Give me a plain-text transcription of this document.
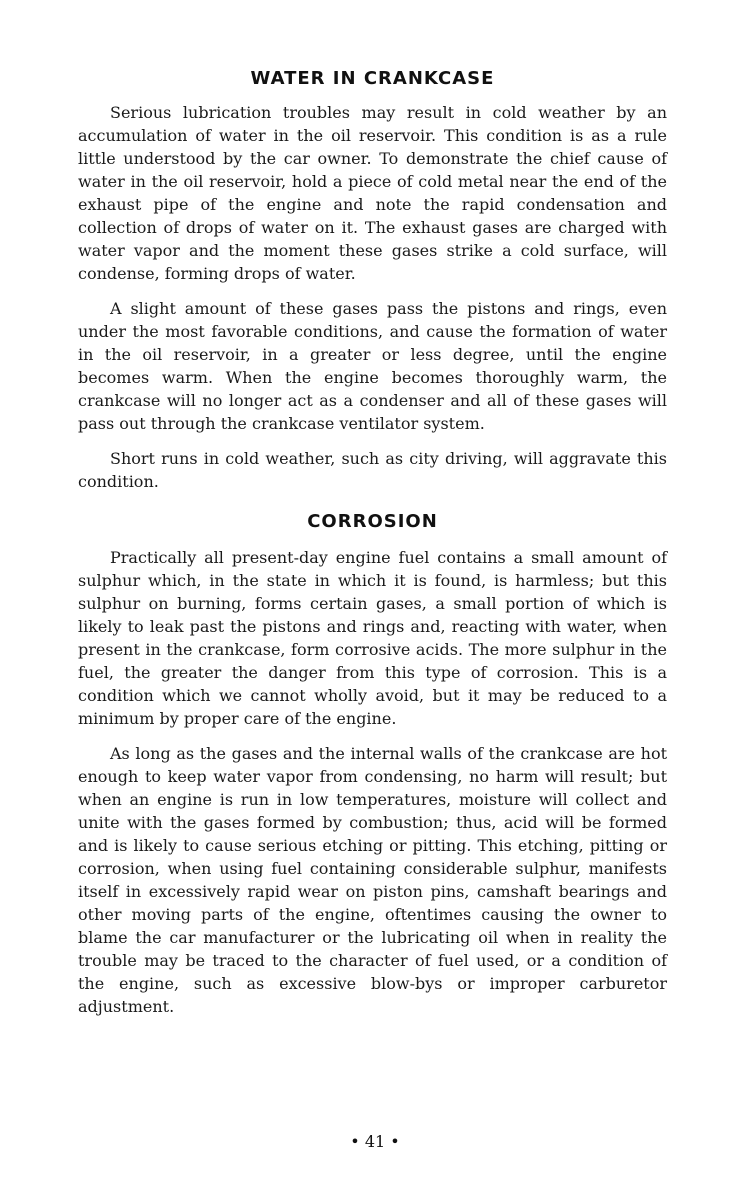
WATER IN CRANKCASE

Serious lubrication troubles may result in cold weather by an accumulation of water in the oil reservoir. This condition is as a rule little understood by the car owner. To demonstrate the chief cause of water in the oil reservoir, hold a piece of cold metal near the end of the exhaust pipe of the engine and note the rapid condensation and collection of drops of water on it. The exhaust gases are charged with water vapor and the moment these gases strike a cold surface, will condense, forming drops of water.

A slight amount of these gases pass the pistons and rings, even under the most favorable conditions, and cause the formation of water in the oil reservoir, in a greater or less degree, until the engine becomes warm. When the engine becomes thoroughly warm, the crankcase will no longer act as a condenser and all of these gases will pass out through the crankcase ventilator system.

Short runs in cold weather, such as city driving, will aggravate this condition.

CORROSION

Practically all present-day engine fuel contains a small amount of sulphur which, in the state in which it is found, is harmless; but this sulphur on burning, forms certain gases, a small portion of which is likely to leak past the pistons and rings and, reacting with water, when present in the crankcase, form corrosive acids. The more sulphur in the fuel, the greater the danger from this type of corrosion. This is a condition which we cannot wholly avoid, but it may be reduced to a minimum by proper care of the engine.

As long as the gases and the internal walls of the crankcase are hot enough to keep water vapor from condensing, no harm will result; but when an engine is run in low temperatures, moisture will collect and unite with the gases formed by combustion; thus, acid will be formed and is likely to cause serious etching or pitting. This etching, pitting or corrosion, when using fuel containing considerable sulphur, manifests itself in excessively rapid wear on piston pins, camshaft bearings and other moving parts of the engine, oftentimes causing the owner to blame the car manufacturer or the lubricating oil when in reality the trouble may be traced to the character of fuel used, or a condition of the engine, such as excessive blow-bys or improper carburetor adjustment.

• 41 •
